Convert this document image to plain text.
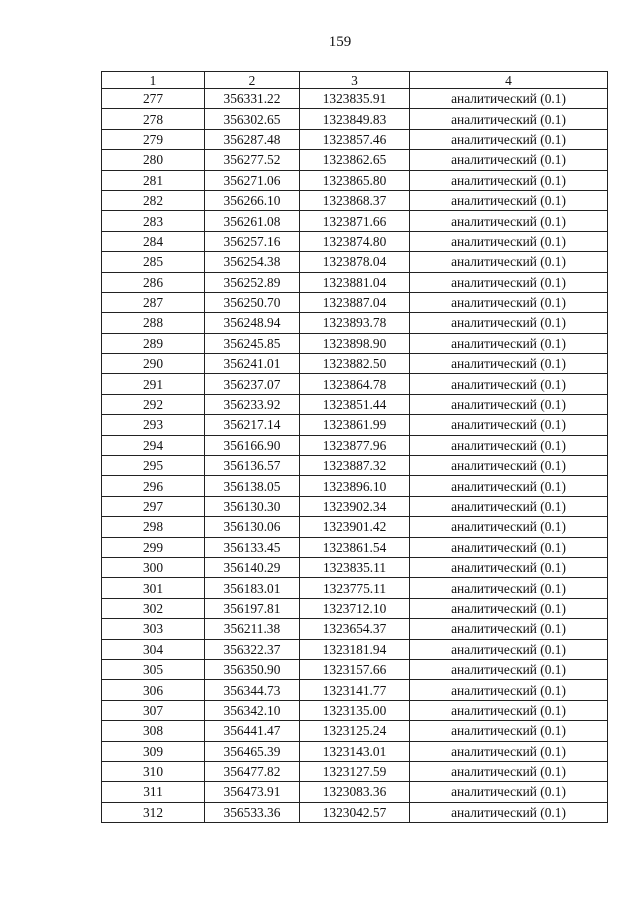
159
1	2	3	4
277	356331.22	1323835.91	аналитический (0.1)
278	356302.65	1323849.83	аналитический (0.1)
279	356287.48	1323857.46	аналитический (0.1)
280	356277.52	1323862.65	аналитический (0.1)
281	356271.06	1323865.80	аналитический (0.1)
282	356266.10	1323868.37	аналитический (0.1)
283	356261.08	1323871.66	аналитический (0.1)
284	356257.16	1323874.80	аналитический (0.1)
285	356254.38	1323878.04	аналитический (0.1)
286	356252.89	1323881.04	аналитический (0.1)
287	356250.70	1323887.04	аналитический (0.1)
288	356248.94	1323893.78	аналитический (0.1)
289	356245.85	1323898.90	аналитический (0.1)
290	356241.01	1323882.50	аналитический (0.1)
291	356237.07	1323864.78	аналитический (0.1)
292	356233.92	1323851.44	аналитический (0.1)
293	356217.14	1323861.99	аналитический (0.1)
294	356166.90	1323877.96	аналитический (0.1)
295	356136.57	1323887.32	аналитический (0.1)
296	356138.05	1323896.10	аналитический (0.1)
297	356130.30	1323902.34	аналитический (0.1)
298	356130.06	1323901.42	аналитический (0.1)
299	356133.45	1323861.54	аналитический (0.1)
300	356140.29	1323835.11	аналитический (0.1)
301	356183.01	1323775.11	аналитический (0.1)
302	356197.81	1323712.10	аналитический (0.1)
303	356211.38	1323654.37	аналитический (0.1)
304	356322.37	1323181.94	аналитический (0.1)
305	356350.90	1323157.66	аналитический (0.1)
306	356344.73	1323141.77	аналитический (0.1)
307	356342.10	1323135.00	аналитический (0.1)
308	356441.47	1323125.24	аналитический (0.1)
309	356465.39	1323143.01	аналитический (0.1)
310	356477.82	1323127.59	аналитический (0.1)
311	356473.91	1323083.36	аналитический (0.1)
312	356533.36	1323042.57	аналитический (0.1)
